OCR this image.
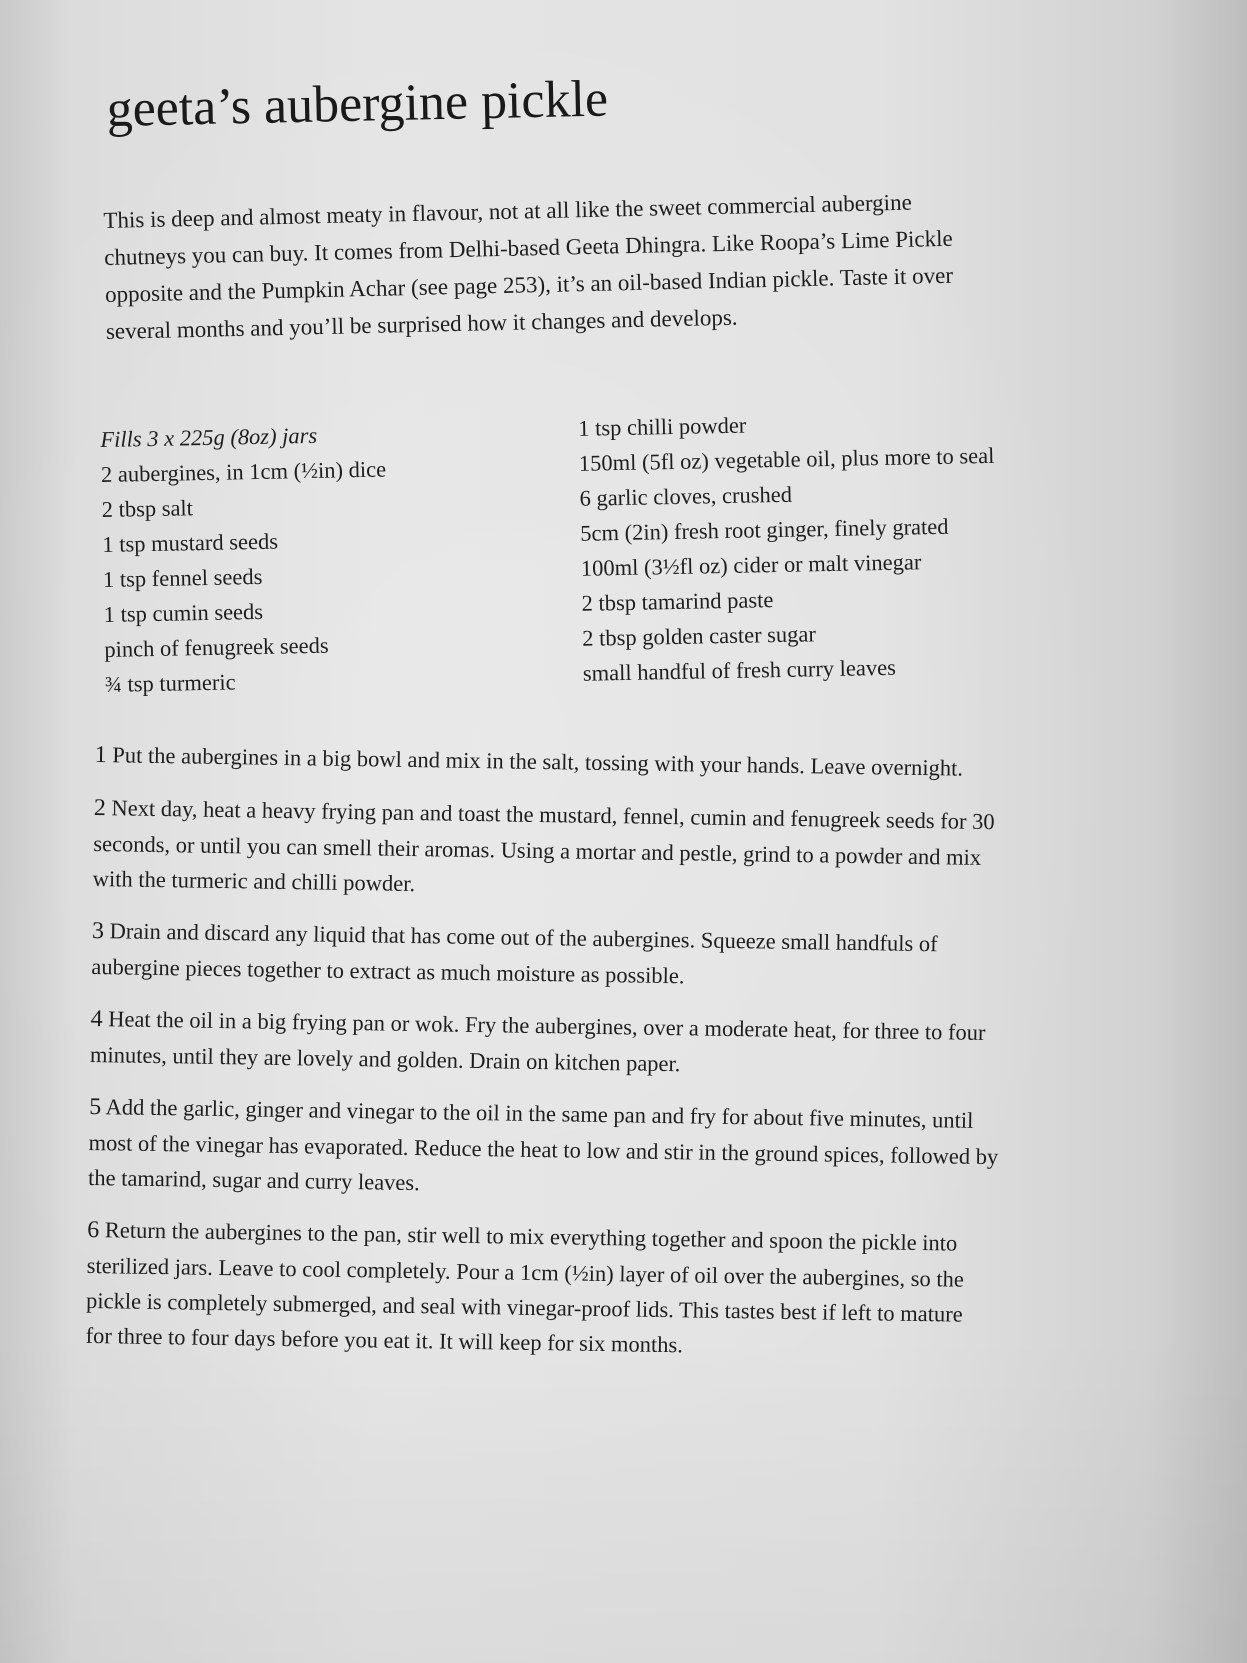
geeta’s aubergine pickle

This is deep and almost meaty in flavour, not at all like the sweet commercial aubergine
chutneys you can buy. It comes from Delhi-based Geeta Dhingra. Like Roopa’s Lime Pickle
opposite and the Pumpkin Achar (see page 253), it’s an oil-based Indian pickle. Taste it over
several months and you’ll be surprised how it changes and develops.

Fills 3 x 225g (8oz) jars
2 aubergines, in 1cm (½in) dice
2 tbsp salt
1 tsp mustard seeds
1 tsp fennel seeds
1 tsp cumin seeds
pinch of fenugreek seeds
¾ tsp turmeric
1 tsp chilli powder
150ml (5fl oz) vegetable oil, plus more to seal
6 garlic cloves, crushed
5cm (2in) fresh root ginger, finely grated
100ml (3½fl oz) cider or malt vinegar
2 tbsp tamarind paste
2 tbsp golden caster sugar
small handful of fresh curry leaves
1 Put the aubergines in a big bowl and mix in the salt, tossing with your hands. Leave overnight.
2 Next day, heat a heavy frying pan and toast the mustard, fennel, cumin and fenugreek seeds for 30
seconds, or until you can smell their aromas. Using a mortar and pestle, grind to a powder and mix
with the turmeric and chilli powder.
3 Drain and discard any liquid that has come out of the aubergines. Squeeze small handfuls of
aubergine pieces together to extract as much moisture as possible.
4 Heat the oil in a big frying pan or wok. Fry the aubergines, over a moderate heat, for three to four
minutes, until they are lovely and golden. Drain on kitchen paper.
5 Add the garlic, ginger and vinegar to the oil in the same pan and fry for about five minutes, until
most of the vinegar has evaporated. Reduce the heat to low and stir in the ground spices, followed by
the tamarind, sugar and curry leaves.
6 Return the aubergines to the pan, stir well to mix everything together and spoon the pickle into
sterilized jars. Leave to cool completely. Pour a 1cm (½in) layer of oil over the aubergines, so the
pickle is completely submerged, and seal with vinegar-proof lids. This tastes best if left to mature
for three to four days before you eat it. It will keep for six months.
